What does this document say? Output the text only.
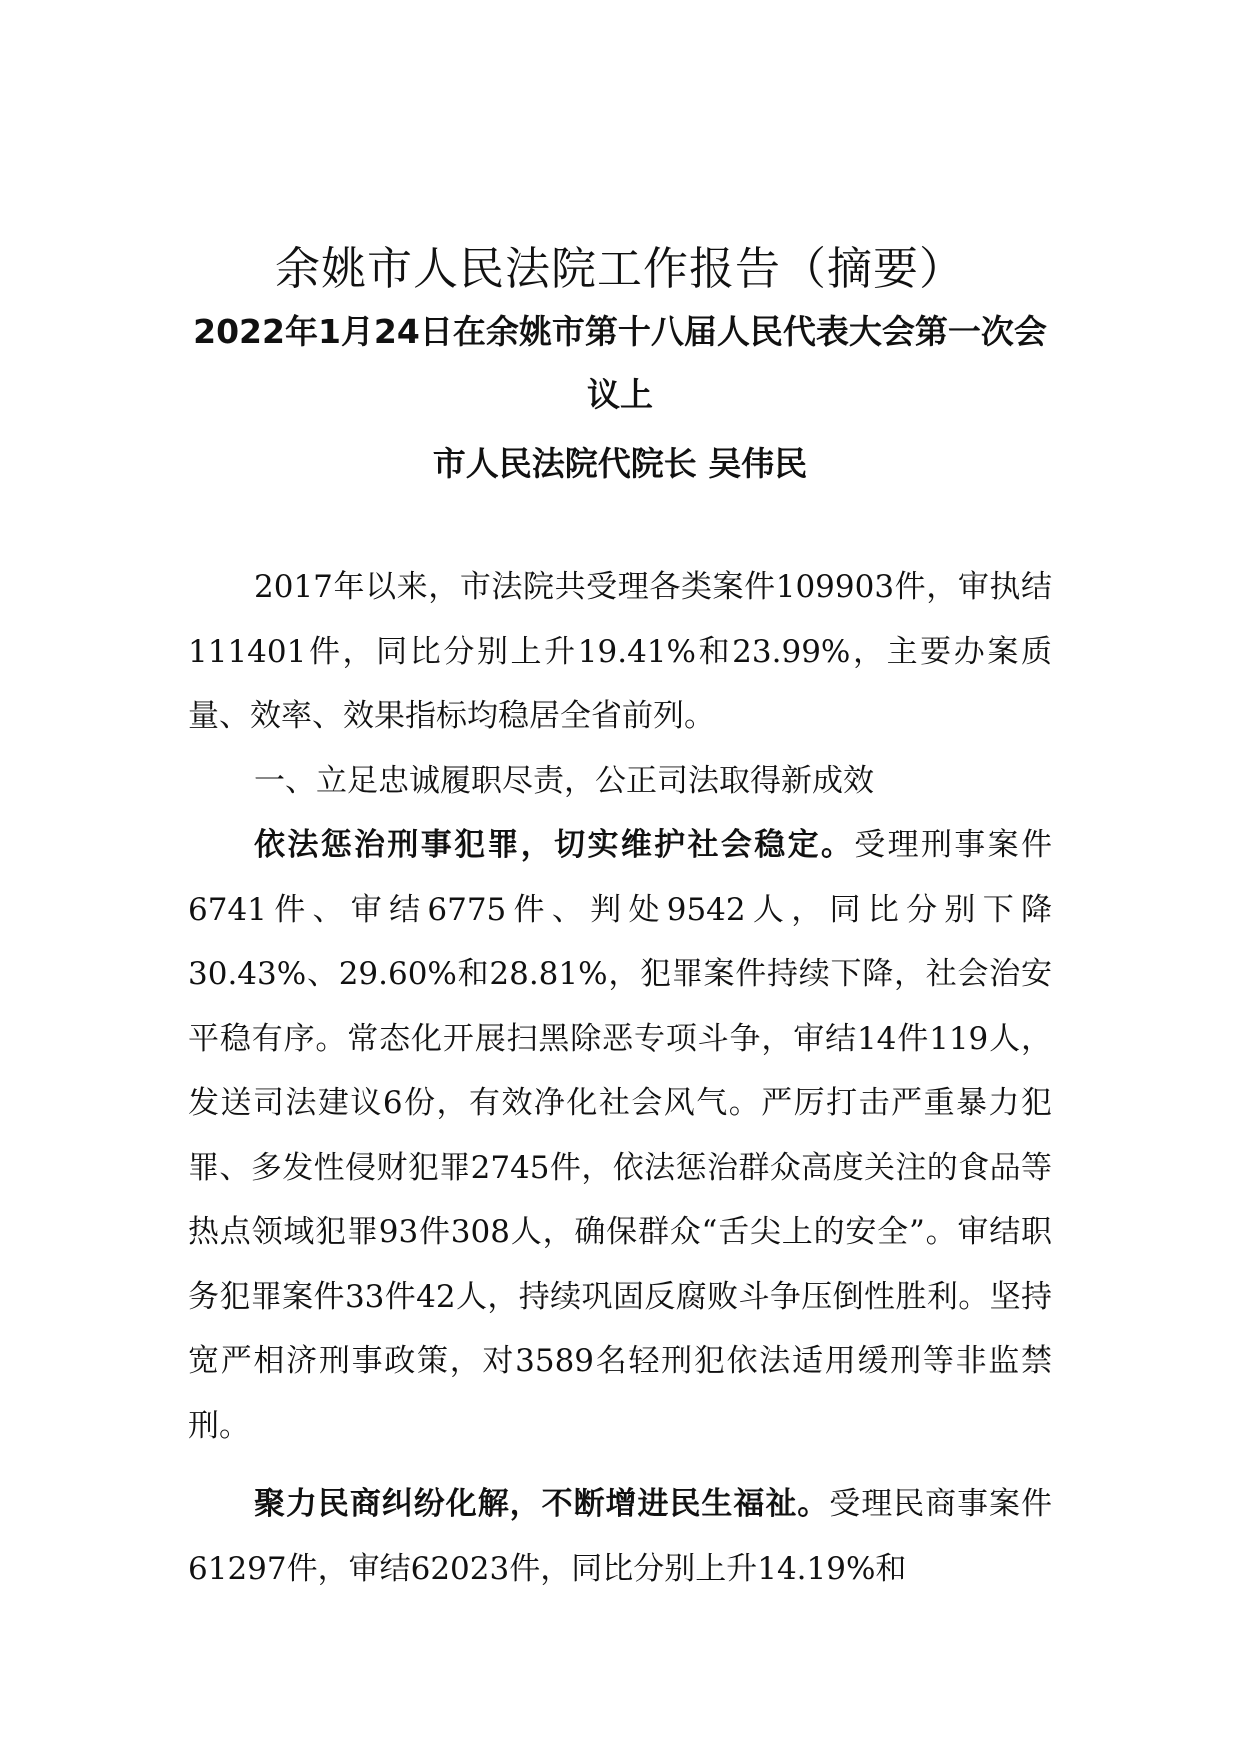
余姚市人民法院工作报告（摘要）
2022年1月24日在余姚市第十八届人民代表大会第一次会议上
市人民法院代院长 吴伟民

2017年以来，市法院共受理各类案件109903件，审执结111401件，同比分别上升19.41%和23.99%，主要办案质量、效率、效果指标均稳居全省前列。

一、立足忠诚履职尽责，公正司法取得新成效

依法惩治刑事犯罪，切实维护社会稳定。受理刑事案件6741件、审结6775件、判处9542人，同比分别下降30.43%、29.60%和28.81%，犯罪案件持续下降，社会治安平稳有序。常态化开展扫黑除恶专项斗争，审结14件119人，发送司法建议6份，有效净化社会风气。严厉打击严重暴力犯罪、多发性侵财犯罪2745件，依法惩治群众高度关注的食品等热点领域犯罪93件308人，确保群众“舌尖上的安全”。审结职务犯罪案件33件42人，持续巩固反腐败斗争压倒性胜利。坚持宽严相济刑事政策，对3589名轻刑犯依法适用缓刑等非监禁刑。

聚力民商纠纷化解，不断增进民生福祉。受理民商事案件61297件，审结62023件，同比分别上升14.19%和
